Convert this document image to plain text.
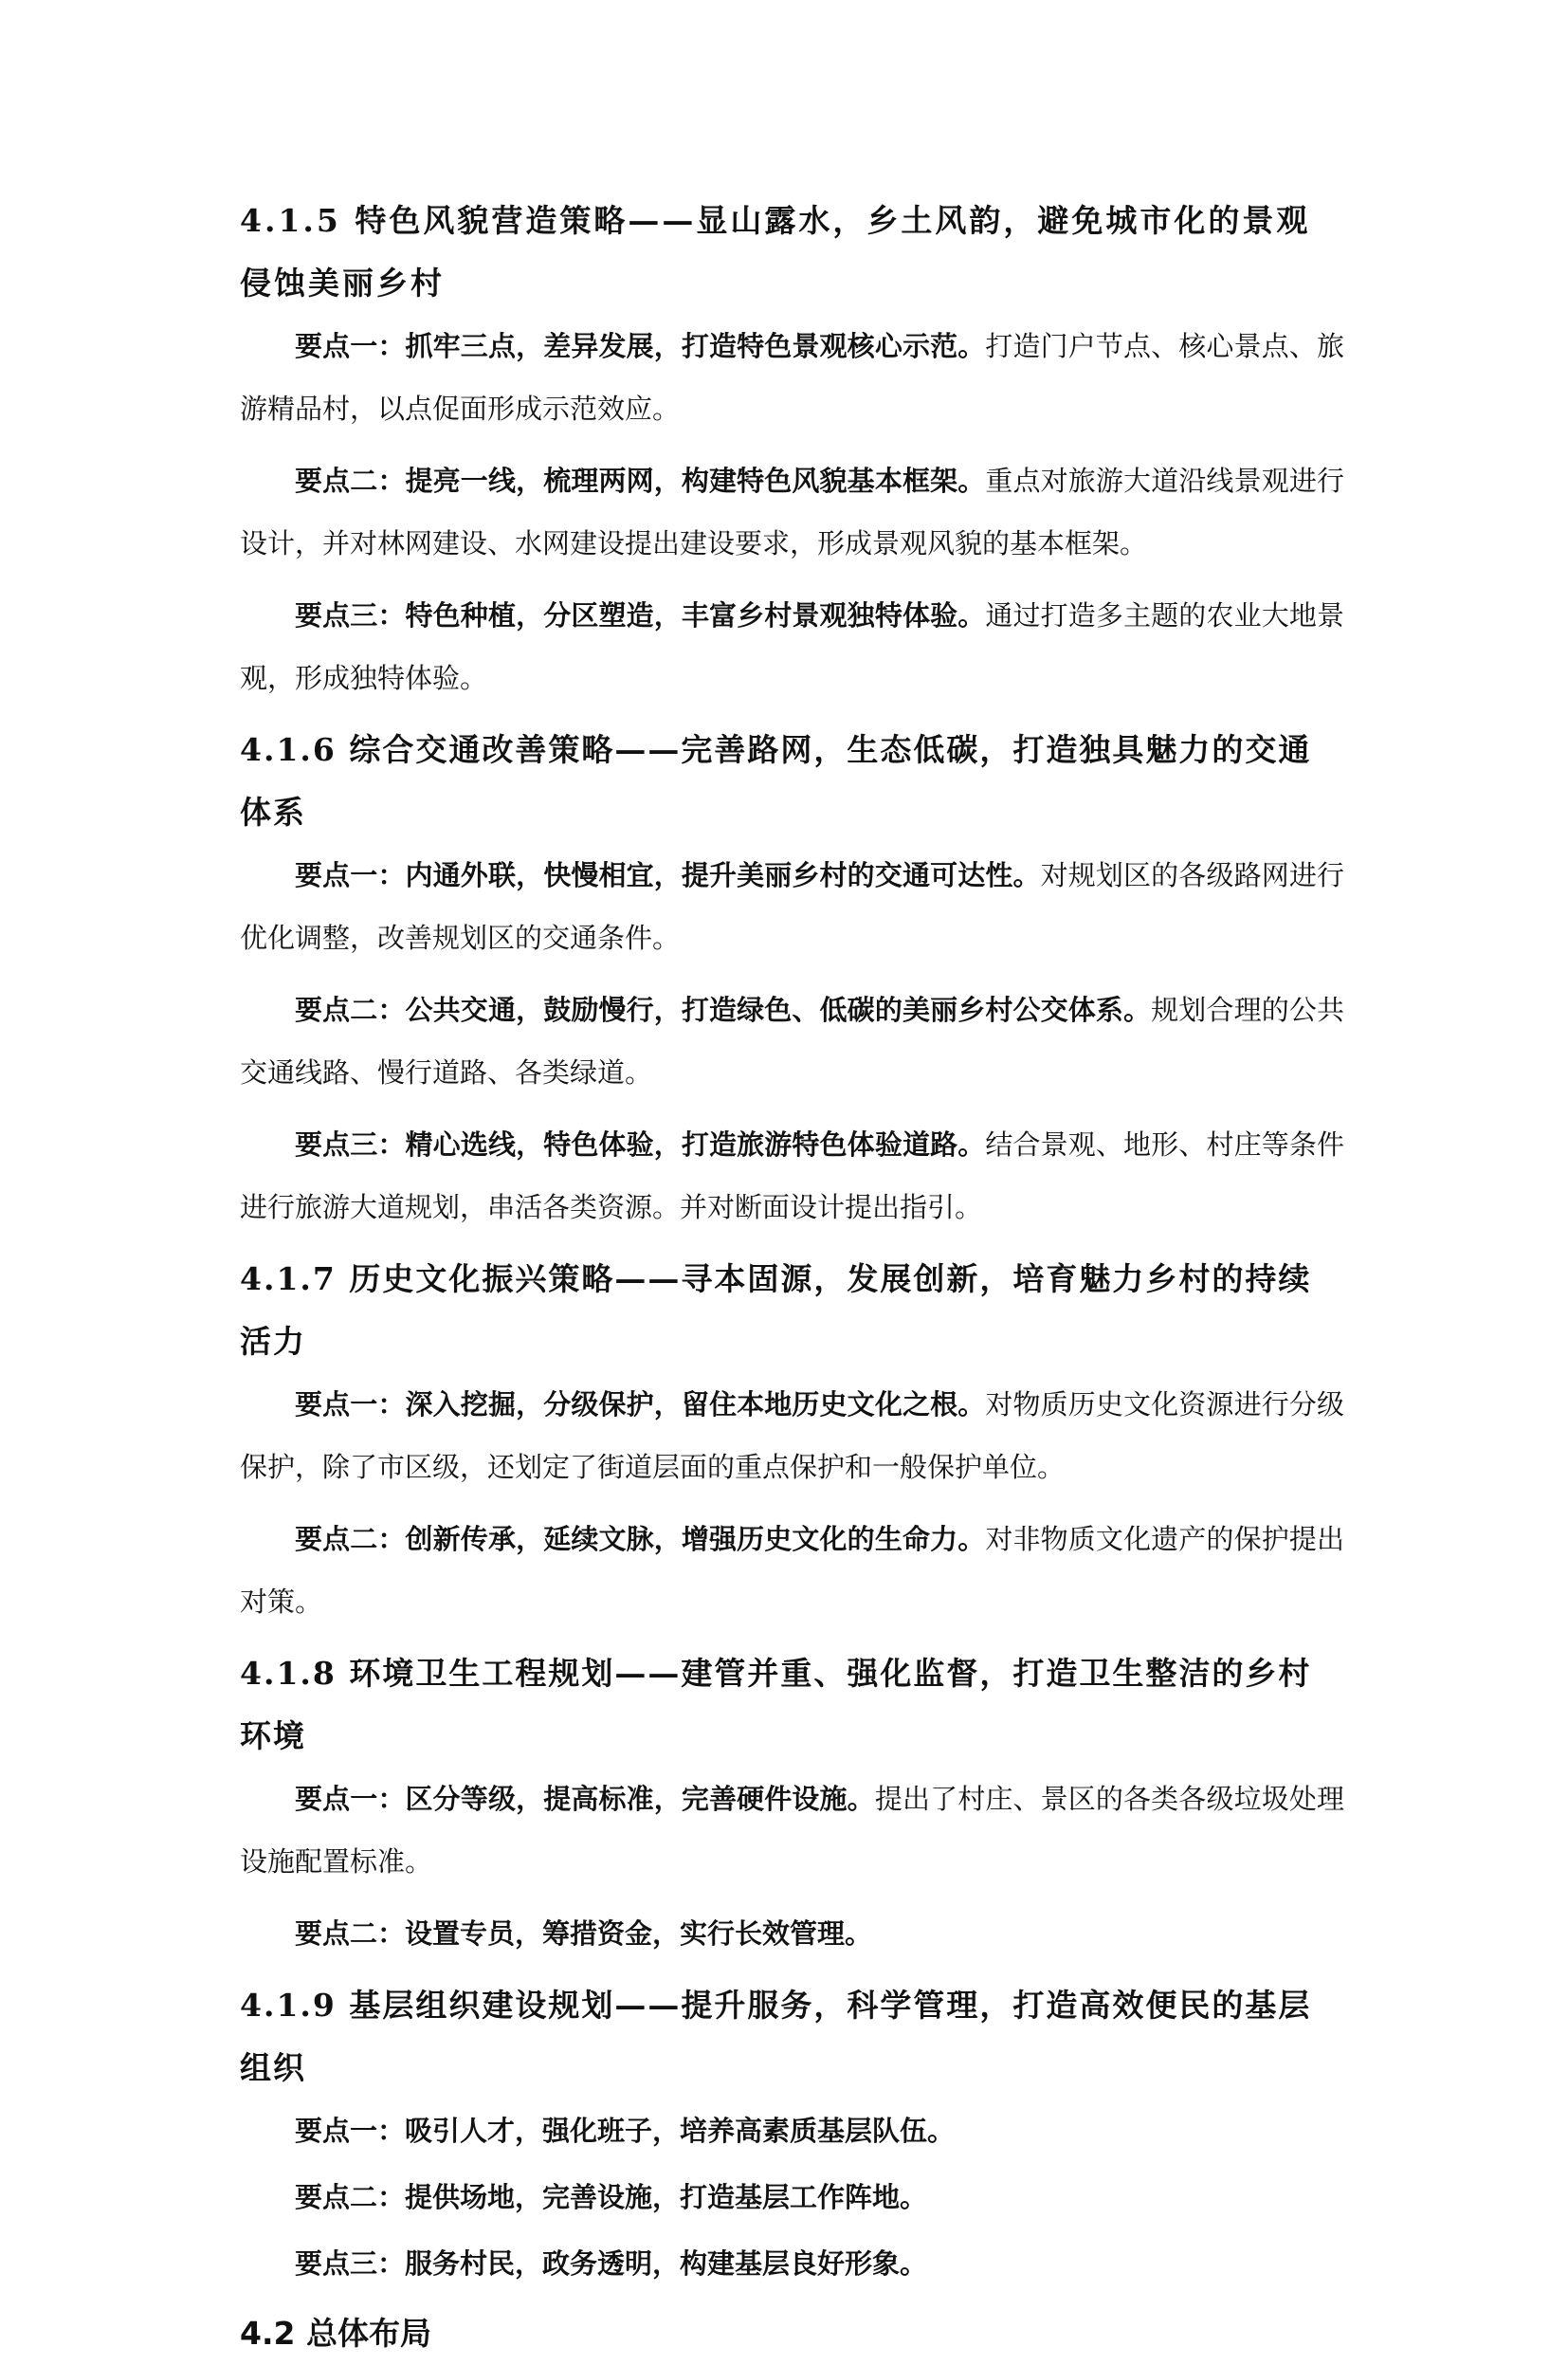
4.1.5 特色风貌营造策略——显山露水，乡土风韵，避免城市化的景观侵蚀美丽乡村

要点一：抓牢三点，差异发展，打造特色景观核心示范。打造门户节点、核心景点、旅游精品村，以点促面形成示范效应。

要点二：提亮一线，梳理两网，构建特色风貌基本框架。重点对旅游大道沿线景观进行设计，并对林网建设、水网建设提出建设要求，形成景观风貌的基本框架。

要点三：特色种植，分区塑造，丰富乡村景观独特体验。通过打造多主题的农业大地景观，形成独特体验。

4.1.6 综合交通改善策略——完善路网，生态低碳，打造独具魅力的交通体系

要点一：内通外联，快慢相宜，提升美丽乡村的交通可达性。对规划区的各级路网进行优化调整，改善规划区的交通条件。

要点二：公共交通，鼓励慢行，打造绿色、低碳的美丽乡村公交体系。规划合理的公共交通线路、慢行道路、各类绿道。

要点三：精心选线，特色体验，打造旅游特色体验道路。结合景观、地形、村庄等条件进行旅游大道规划，串活各类资源。并对断面设计提出指引。

4.1.7 历史文化振兴策略——寻本固源，发展创新，培育魅力乡村的持续活力

要点一：深入挖掘，分级保护，留住本地历史文化之根。对物质历史文化资源进行分级保护，除了市区级，还划定了街道层面的重点保护和一般保护单位。

要点二：创新传承，延续文脉，增强历史文化的生命力。对非物质文化遗产的保护提出对策。

4.1.8 环境卫生工程规划——建管并重、强化监督，打造卫生整洁的乡村环境

要点一：区分等级，提高标准，完善硬件设施。提出了村庄、景区的各类各级垃圾处理设施配置标准。

要点二：设置专员，筹措资金，实行长效管理。

4.1.9 基层组织建设规划——提升服务，科学管理，打造高效便民的基层组织

要点一：吸引人才，强化班子，培养高素质基层队伍。

要点二：提供场地，完善设施，打造基层工作阵地。

要点三：服务村民，政务透明，构建基层良好形象。

4.2 总体布局
